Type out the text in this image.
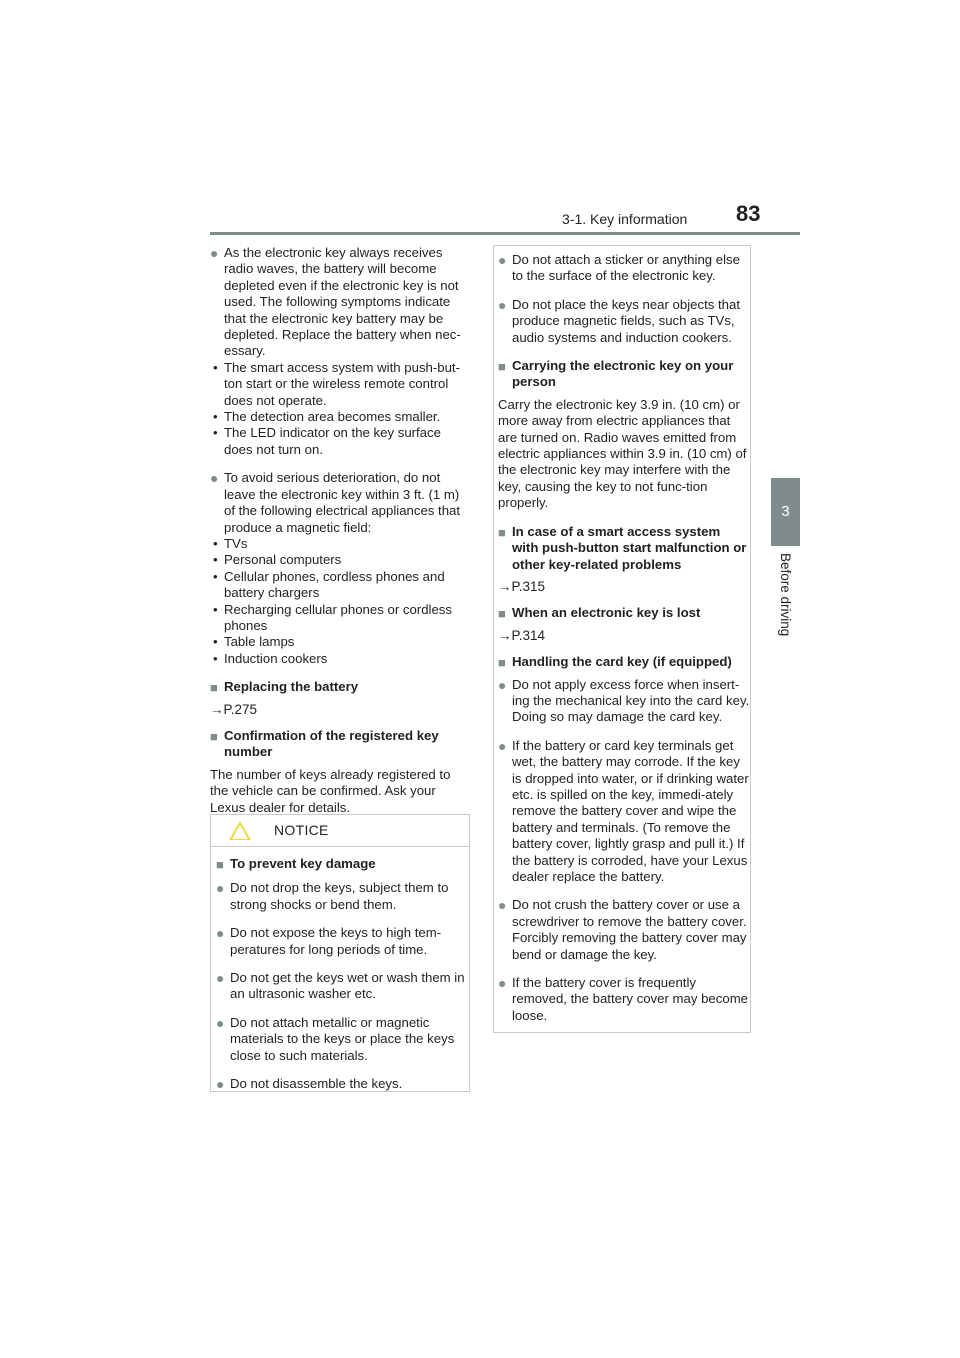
3-1. Key information 83
3
Before driving
● As the electronic key always receives radio waves, the battery will become depleted even if the electronic key is not used. The following symptoms indicate that the electronic key battery may be depleted. Replace the battery when nec-essary.
• The smart access system with push-but-ton start or the wireless remote control does not operate.
• The detection area becomes smaller.
• The LED indicator on the key surface does not turn on.
● To avoid serious deterioration, do not leave the electronic key within 3 ft. (1 m) of the following electrical appliances that produce a magnetic field:
• TVs
• Personal computers
• Cellular phones, cordless phones and battery chargers
• Recharging cellular phones or cordless phones
• Table lamps
• Induction cookers
■ Replacing the battery
→P.275
■ Confirmation of the registered key number
The number of keys already registered to the vehicle can be confirmed. Ask your Lexus dealer for details.
NOTICE
■ To prevent key damage
● Do not drop the keys, subject them to strong shocks or bend them.
● Do not expose the keys to high tem-peratures for long periods of time.
● Do not get the keys wet or wash them in an ultrasonic washer etc.
● Do not attach metallic or magnetic materials to the keys or place the keys close to such materials.
● Do not disassemble the keys.
● Do not attach a sticker or anything else to the surface of the electronic key.
● Do not place the keys near objects that produce magnetic fields, such as TVs, audio systems and induction cookers.
■ Carrying the electronic key on your person
Carry the electronic key 3.9 in. (10 cm) or more away from electric appliances that are turned on. Radio waves emitted from electric appliances within 3.9 in. (10 cm) of the electronic key may interfere with the key, causing the key to not func-tion properly.
■ In case of a smart access system with push-button start malfunction or other key-related problems
→P.315
■ When an electronic key is lost
→P.314
■ Handling the card key (if equipped)
● Do not apply excess force when insert-ing the mechanical key into the card key. Doing so may damage the card key.
● If the battery or card key terminals get wet, the battery may corrode. If the key is dropped into water, or if drinking water etc. is spilled on the key, immedi-ately remove the battery cover and wipe the battery and terminals. (To remove the battery cover, lightly grasp and pull it.) If the battery is corroded, have your Lexus dealer replace the battery.
● Do not crush the battery cover or use a screwdriver to remove the battery cover. Forcibly removing the battery cover may bend or damage the key.
● If the battery cover is frequently removed, the battery cover may become loose.
